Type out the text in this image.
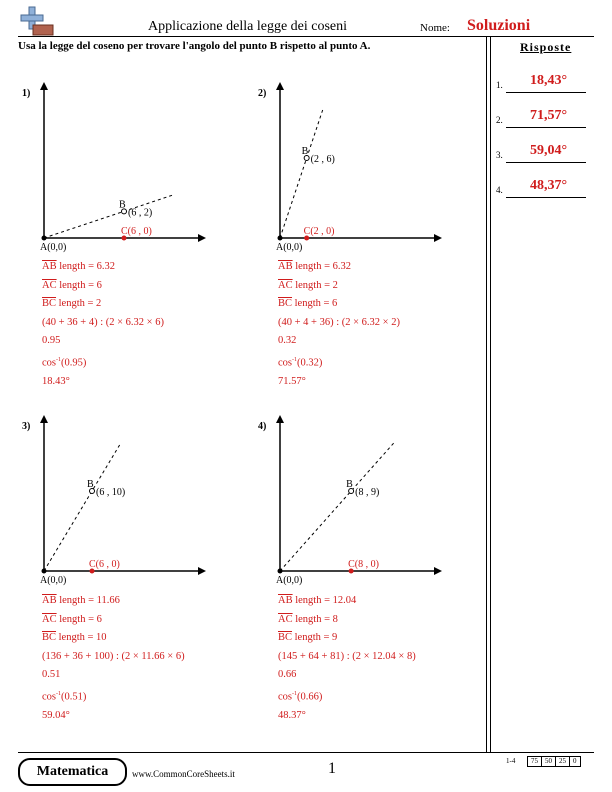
Applicazione della legge dei coseni	Nome: Soluzioni
Usa la legge del coseno per trovare l'angolo del punto B rispetto al punto A.	Risposte
1. 18,43°
2. 71,57°
3. 59,04°
4. 48,37°
1)
A(0,0)
B
(6 , 2)
C(6 , 0)
$\overline{AB}$ length = 6.32
$\overline{AC}$ length = 6
$\overline{BC}$ length = 2
(40 + 36 + 4) : (2 × 6.32 × 6)
0.95
$\cos^{-1}(0.95)$
18.43°
2)
A(0,0)
B
(2 , 6)
C(2 , 0)
$\overline{AB}$ length = 6.32
$\overline{AC}$ length = 2
$\overline{BC}$ length = 6
(40 + 4 + 36) : (2 × 6.32 × 2)
0.32
$\cos^{-1}(0.32)$
71.57°
3)
A(0,0)
B
(6 , 10)
C(6 , 0)
$\overline{AB}$ length = 11.66
$\overline{AC}$ length = 6
$\overline{BC}$ length = 10
(136 + 36 + 100) : (2 × 11.66 × 6)
0.51
$\cos^{-1}(0.51)$
59.04°
4)
A(0,0)
B
(8 , 9)
C(8 , 0)
$\overline{AB}$ length = 12.04
$\overline{AC}$ length = 8
$\overline{BC}$ length = 9
(145 + 64 + 81) : (2 × 12.04 × 8)
0.66
$\cos^{-1}(0.66)$
48.37°
Matematica	www.CommonCoreSheets.it	1	1-4	75	50	25	0
